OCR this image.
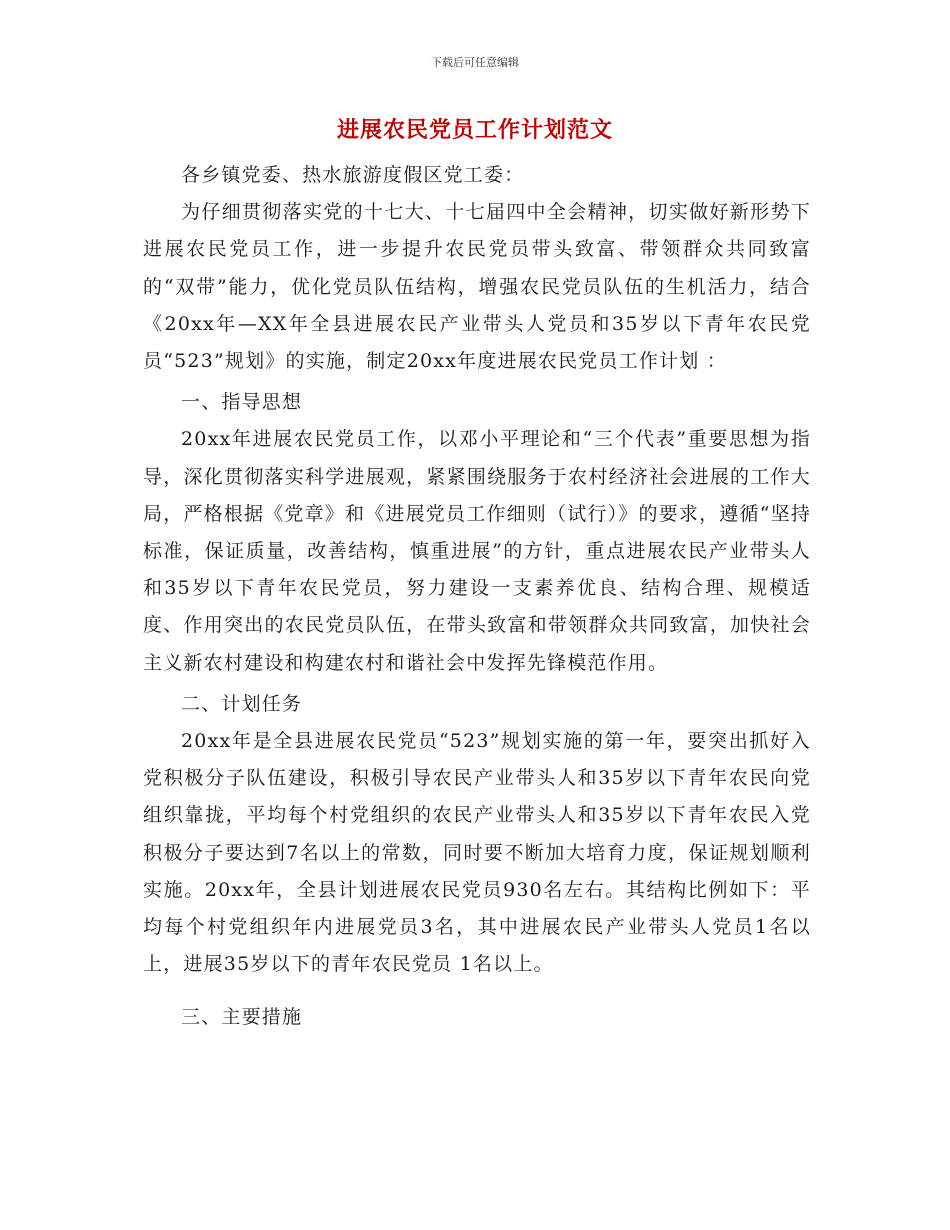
下载后可任意编辑
进展农民党员工作计划范文

各乡镇党委、热水旅游度假区党工委：

为仔细贯彻落实党的十七大、十七届四中全会精神，切实做好新形势下进展农民党员工作，进一步提升农民党员带头致富、带领群众共同致富的“双带”能力，优化党员队伍结构，增强农民党员队伍的生机活力，结合《20xx年—XX年全县进展农民产业带头人党员和35岁以下青年农民党员“523”规划》的实施，制定20xx年度进展农民党员工作计划 ：

一、指导思想

20xx年进展农民党员工作，以邓小平理论和“三个代表”重要思想为指导，深化贯彻落实科学进展观，紧紧围绕服务于农村经济社会进展的工作大局，严格根据《党章》和《进展党员工作细则（试行）》的要求，遵循“坚持标准，保证质量，改善结构，慎重进展”的方针，重点进展农民产业带头人和35岁以下青年农民党员，努力建设一支素养优良、结构合理、规模适度、作用突出的农民党员队伍，在带头致富和带领群众共同致富，加快社会主义新农村建设和构建农村和谐社会中发挥先锋模范作用。

二、计划任务

20xx年是全县进展农民党员“523”规划实施的第一年，要突出抓好入党积极分子队伍建设，积极引导农民产业带头人和35岁以下青年农民向党组织靠拢，平均每个村党组织的农民产业带头人和35岁以下青年农民入党积极分子要达到7名以上的常数，同时要不断加大培育力度，保证规划顺利实施。20xx年，全县计划进展农民党员930名左右。其结构比例如下：平均每个村党组织年内进展党员3名，其中进展农民产业带头人党员1名以上，进展35岁以下的青年农民党员 1名以上。

三、主要措施
